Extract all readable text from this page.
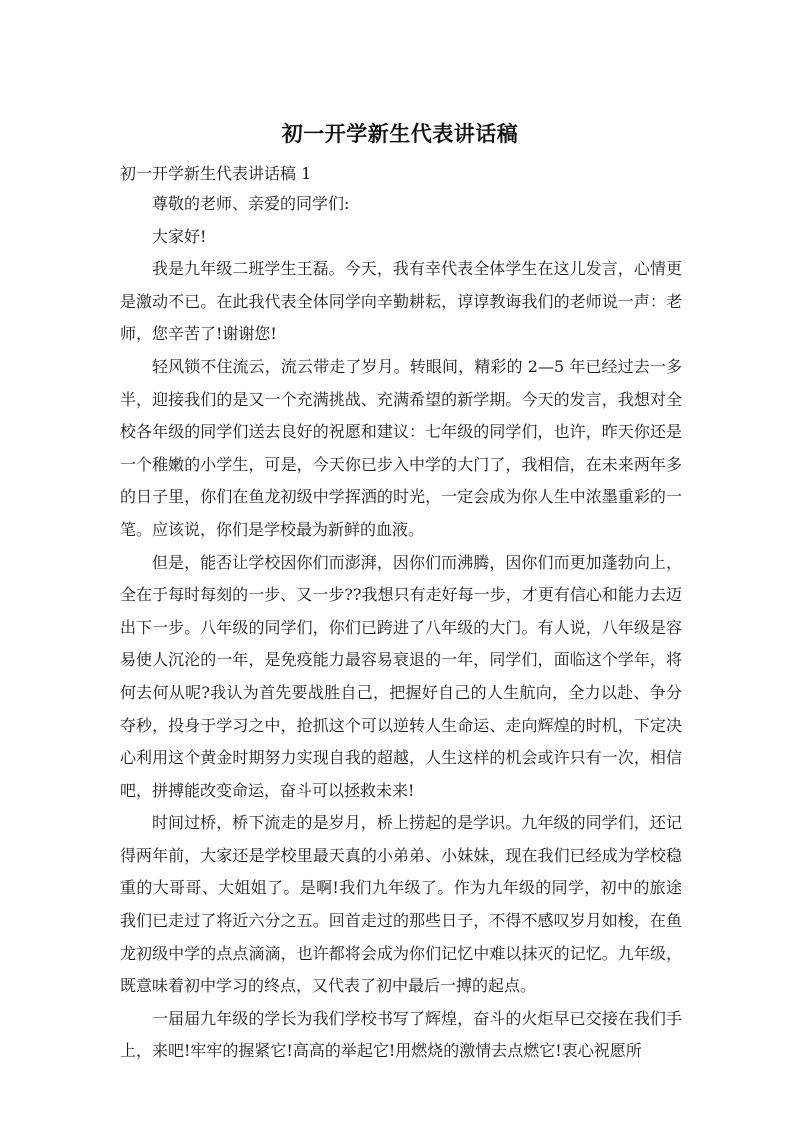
初一开学新生代表讲话稿
初一开学新生代表讲话稿 1

尊敬的老师、亲爱的同学们:

大家好!

我是九年级二班学生王磊。今天，我有幸代表全体学生在这儿发言，心情更是激动不已。在此我代表全体同学向辛勤耕耘，谆谆教诲我们的老师说一声：老师，您辛苦了!谢谢您!

轻风锁不住流云，流云带走了岁月。转眼间，精彩的 2—5 年已经过去一多半，迎接我们的是又一个充满挑战、充满希望的新学期。今天的发言，我想对全校各年级的同学们送去良好的祝愿和建议：七年级的同学们，也许，昨天你还是一个稚嫩的小学生，可是，今天你已步入中学的大门了，我相信，在未来两年多的日子里，你们在鱼龙初级中学挥洒的时光，一定会成为你人生中浓墨重彩的一笔。应该说，你们是学校最为新鲜的血液。

但是，能否让学校因你们而澎湃，因你们而沸腾，因你们而更加蓬勃向上，全在于每时每刻的一步、又一步??我想只有走好每一步，才更有信心和能力去迈出下一步。八年级的同学们，你们已跨进了八年级的大门。有人说，八年级是容易使人沉沦的一年，是免疫能力最容易衰退的一年，同学们，面临这个学年，将何去何从呢?我认为首先要战胜自己，把握好自己的人生航向，全力以赴、争分夺秒，投身于学习之中，抢抓这个可以逆转人生命运、走向辉煌的时机，下定决心利用这个黄金时期努力实现自我的超越，人生这样的机会或许只有一次，相信吧，拼搏能改变命运，奋斗可以拯救未来!

时间过桥，桥下流走的是岁月，桥上捞起的是学识。九年级的同学们，还记得两年前，大家还是学校里最天真的小弟弟、小妹妹，现在我们已经成为学校稳重的大哥哥、大姐姐了。是啊!我们九年级了。作为九年级的同学，初中的旅途我们已走过了将近六分之五。回首走过的那些日子，不得不感叹岁月如梭，在鱼龙初级中学的点点滴滴，也许都将会成为你们记忆中难以抹灭的记忆。九年级，既意味着初中学习的终点，又代表了初中最后一搏的起点。

一届届九年级的学长为我们学校书写了辉煌，奋斗的火炬早已交接在我们手上，来吧!牢牢的握紧它!高高的举起它!用燃烧的激情去点燃它!衷心祝愿所
